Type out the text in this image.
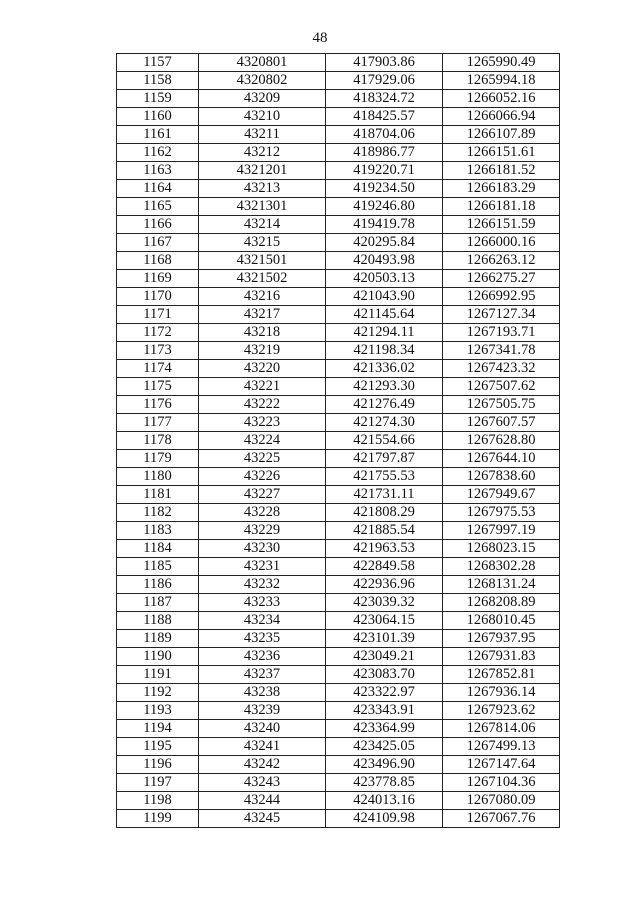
48
1157	4320801	417903.86	1265990.49
1158	4320802	417929.06	1265994.18
1159	43209	418324.72	1266052.16
1160	43210	418425.57	1266066.94
1161	43211	418704.06	1266107.89
1162	43212	418986.77	1266151.61
1163	4321201	419220.71	1266181.52
1164	43213	419234.50	1266183.29
1165	4321301	419246.80	1266181.18
1166	43214	419419.78	1266151.59
1167	43215	420295.84	1266000.16
1168	4321501	420493.98	1266263.12
1169	4321502	420503.13	1266275.27
1170	43216	421043.90	1266992.95
1171	43217	421145.64	1267127.34
1172	43218	421294.11	1267193.71
1173	43219	421198.34	1267341.78
1174	43220	421336.02	1267423.32
1175	43221	421293.30	1267507.62
1176	43222	421276.49	1267505.75
1177	43223	421274.30	1267607.57
1178	43224	421554.66	1267628.80
1179	43225	421797.87	1267644.10
1180	43226	421755.53	1267838.60
1181	43227	421731.11	1267949.67
1182	43228	421808.29	1267975.53
1183	43229	421885.54	1267997.19
1184	43230	421963.53	1268023.15
1185	43231	422849.58	1268302.28
1186	43232	422936.96	1268131.24
1187	43233	423039.32	1268208.89
1188	43234	423064.15	1268010.45
1189	43235	423101.39	1267937.95
1190	43236	423049.21	1267931.83
1191	43237	423083.70	1267852.81
1192	43238	423322.97	1267936.14
1193	43239	423343.91	1267923.62
1194	43240	423364.99	1267814.06
1195	43241	423425.05	1267499.13
1196	43242	423496.90	1267147.64
1197	43243	423778.85	1267104.36
1198	43244	424013.16	1267080.09
1199	43245	424109.98	1267067.76
